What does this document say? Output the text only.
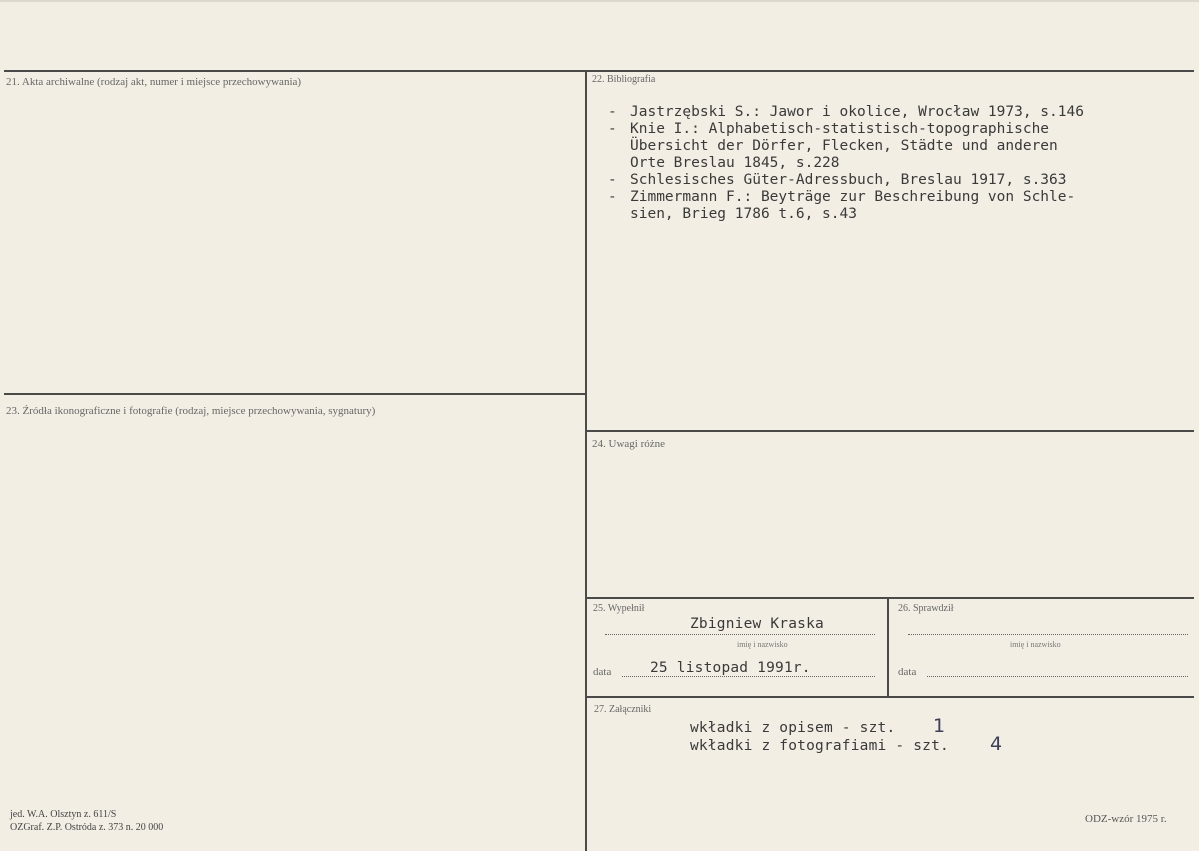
21. Akta archiwalne (rodzaj akt, numer i miejsce przechowywania)	22. Bibliografia
- Jastrzębski S.: Jawor i okolice, Wrocław 1973, s.146
- Knie I.: Alphabetisch-statistisch-topographische
Übersicht der Dörfer, Flecken, Städte und anderen
Orte Breslau 1845, s.228
- Schlesisches Güter-Adressbuch, Breslau 1917, s.363
- Zimmermann F.: Beyträge zur Beschreibung von Schle-
sien, Brieg 1786 t.6, s.43
23. Źródła ikonograficzne i fotografie (rodzaj, miejsce przechowywania, sygnatury)
24. Uwagi różne
25. Wypełnił
Zbigniew Kraska
imię i nazwisko
data	25 listopad 1991r.
26. Sprawdził
imię i nazwisko
data
27. Załączniki
wkładki z opisem - szt. 1
wkładki z fotografiami - szt. 4
jed. W.A. Olsztyn z. 611/S
OZGraf. Z.P. Ostróda z. 373 n. 20 000
ODZ-wzór 1975 r.
